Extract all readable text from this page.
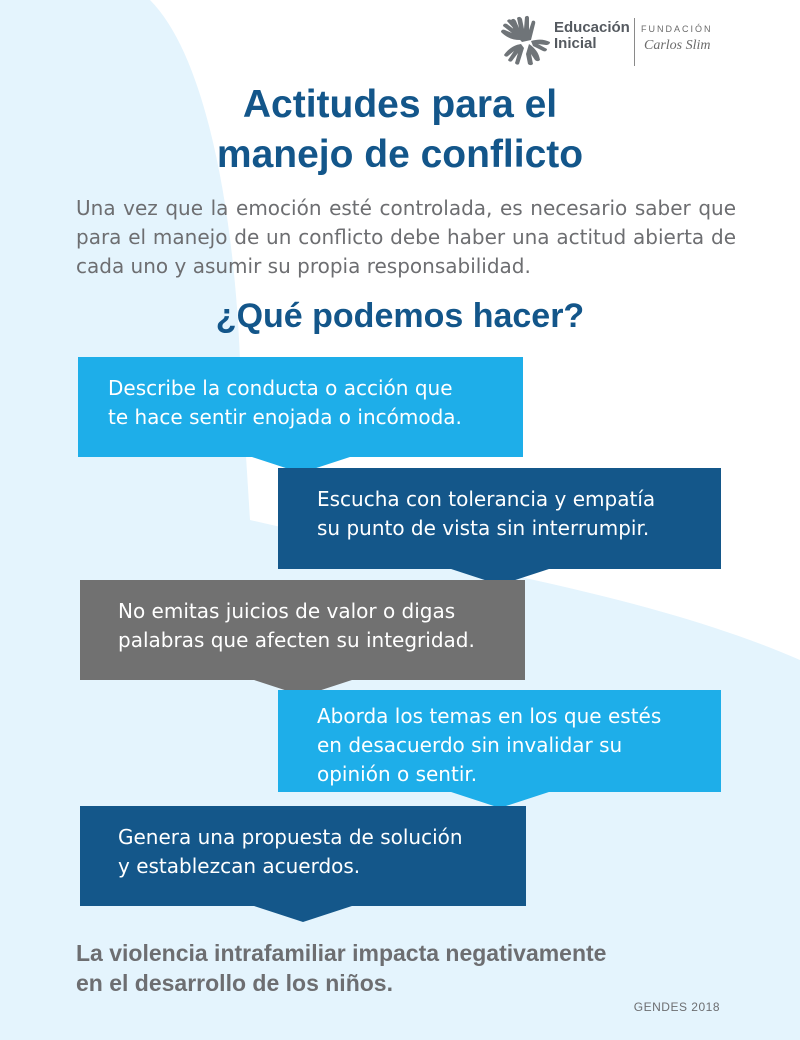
Educación
Inicial
FUNDACIÓN
Carlos Slim
Actitudes para el
manejo de conflicto

Una vez que la emoción esté controlada, es necesario saber que para el manejo de un conflicto debe haber una actitud abierta de cada uno y asumir su propia responsabilidad.

¿Qué podemos hacer?
Describe la conducta o acción que
te hace sentir enojada o incómoda.
Escucha con tolerancia y empatía
su punto de vista sin interrumpir.
No emitas juicios de valor o digas
palabras que afecten su integridad.
Aborda los temas en los que estés
en desacuerdo sin invalidar su
opinión o sentir.
Genera una propuesta de solución
y establezcan acuerdos.

La violencia intrafamiliar impacta negativamente
en el desarrollo de los niños.

GENDES 2018
